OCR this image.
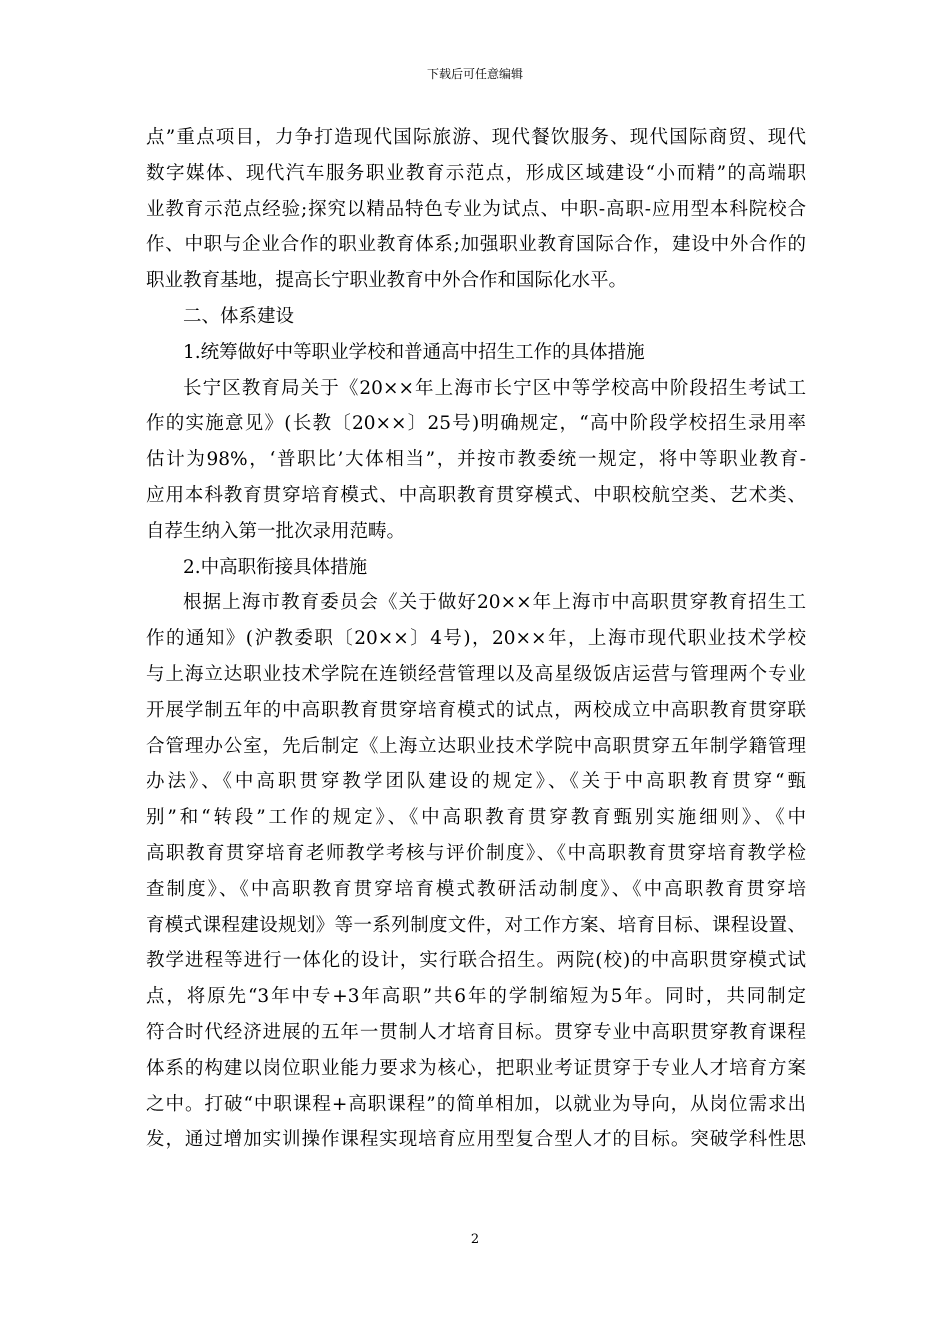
下载后可任意编辑
点”重点项目，力争打造现代国际旅游、现代餐饮服务、现代国际商贸、现代
数字媒体、现代汽车服务职业教育示范点，形成区域建设“小而精”的高端职
业教育示范点经验;探究以精品特色专业为试点、中职-高职-应用型本科院校合
作、中职与企业合作的职业教育体系;加强职业教育国际合作，建设中外合作的
职业教育基地，提高长宁职业教育中外合作和国际化水平。
二、体系建设
1.统筹做好中等职业学校和普通高中招生工作的具体措施
长宁区教育局关于《20××年上海市长宁区中等学校高中阶段招生考试工
作的实施意见》(长教〔20××〕25号)明确规定，“高中阶段学校招生录用率
估计为98%，‘普职比’大体相当”，并按市教委统一规定，将中等职业教育-
应用本科教育贯穿培育模式、中高职教育贯穿模式、中职校航空类、艺术类、
自荐生纳入第一批次录用范畴。
2.中高职衔接具体措施
根据上海市教育委员会《关于做好20××年上海市中高职贯穿教育招生工
作的通知》(沪教委职〔20××〕4号)，20××年，上海市现代职业技术学校
与上海立达职业技术学院在连锁经营管理以及高星级饭店运营与管理两个专业
开展学制五年的中高职教育贯穿培育模式的试点，两校成立中高职教育贯穿联
合管理办公室，先后制定《上海立达职业技术学院中高职贯穿五年制学籍管理
办法》、《中高职贯穿教学团队建设的规定》、《关于中高职教育贯穿“甄
别”和“转段”工作的规定》、《中高职教育贯穿教育甄别实施细则》、《中
高职教育贯穿培育老师教学考核与评价制度》、《中高职教育贯穿培育教学检
查制度》、《中高职教育贯穿培育模式教研活动制度》、《中高职教育贯穿培
育模式课程建设规划》等一系列制度文件，对工作方案、培育目标、课程设置、
教学进程等进行一体化的设计，实行联合招生。两院(校)的中高职贯穿模式试
点，将原先“3年中专+3年高职”共6年的学制缩短为5年。同时，共同制定
符合时代经济进展的五年一贯制人才培育目标。贯穿专业中高职贯穿教育课程
体系的构建以岗位职业能力要求为核心，把职业考证贯穿于专业人才培育方案
之中。打破“中职课程+高职课程”的简单相加，以就业为导向，从岗位需求出
发，通过增加实训操作课程实现培育应用型复合型人才的目标。突破学科性思
2
